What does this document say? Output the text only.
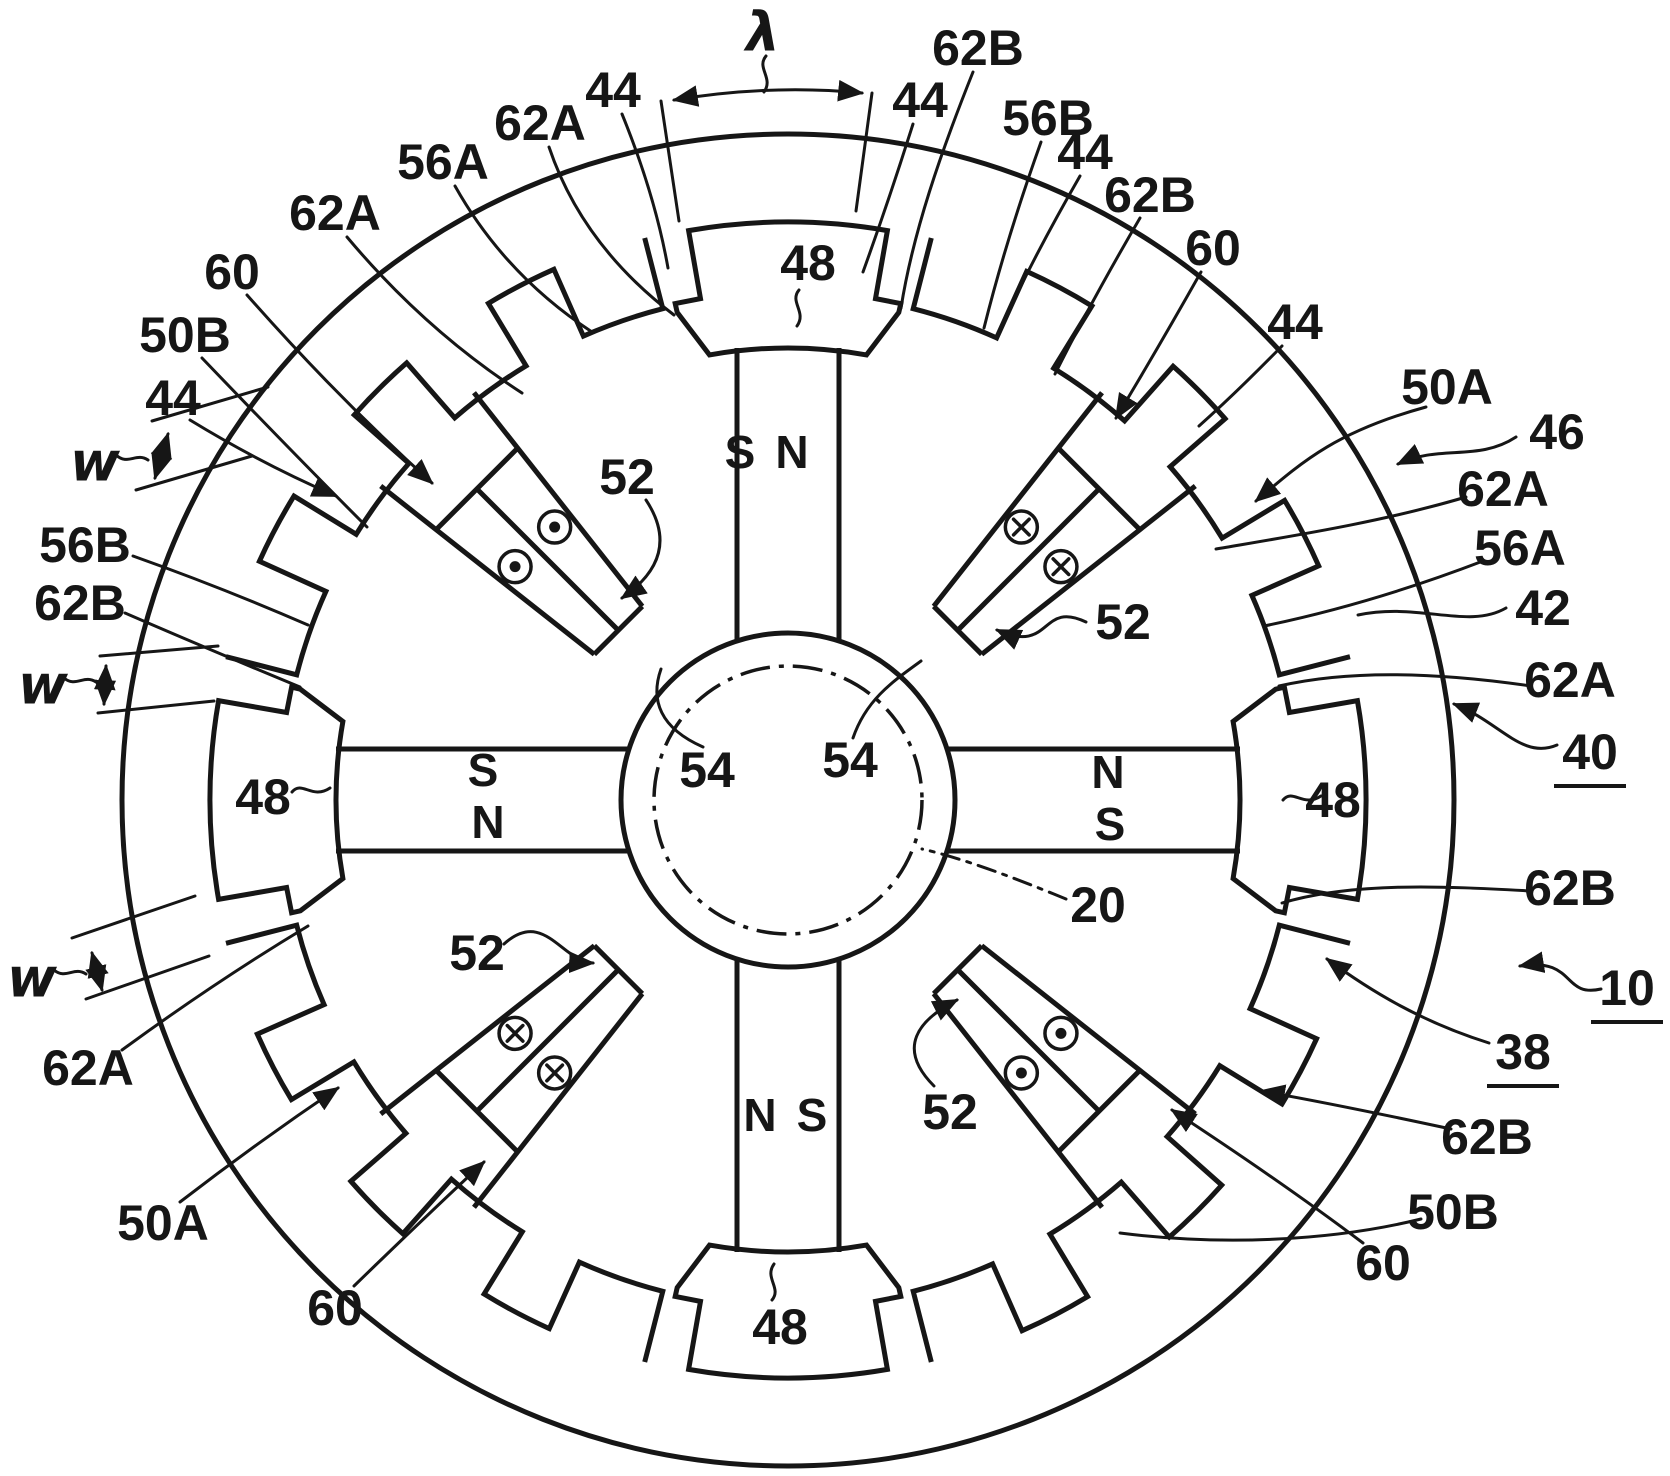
λ
44
62A
56A
62A
60
50B
44
w
56B
62B
w
48
w
62A
50A
60	48
48
52
52
52
52
54 54
20
62B
44 56B
44
62B
60
44
50A
46
62A
56A
42
62A
40
48
62B
10
38
62B
50B
60
S N
S
N
N
S
N S
